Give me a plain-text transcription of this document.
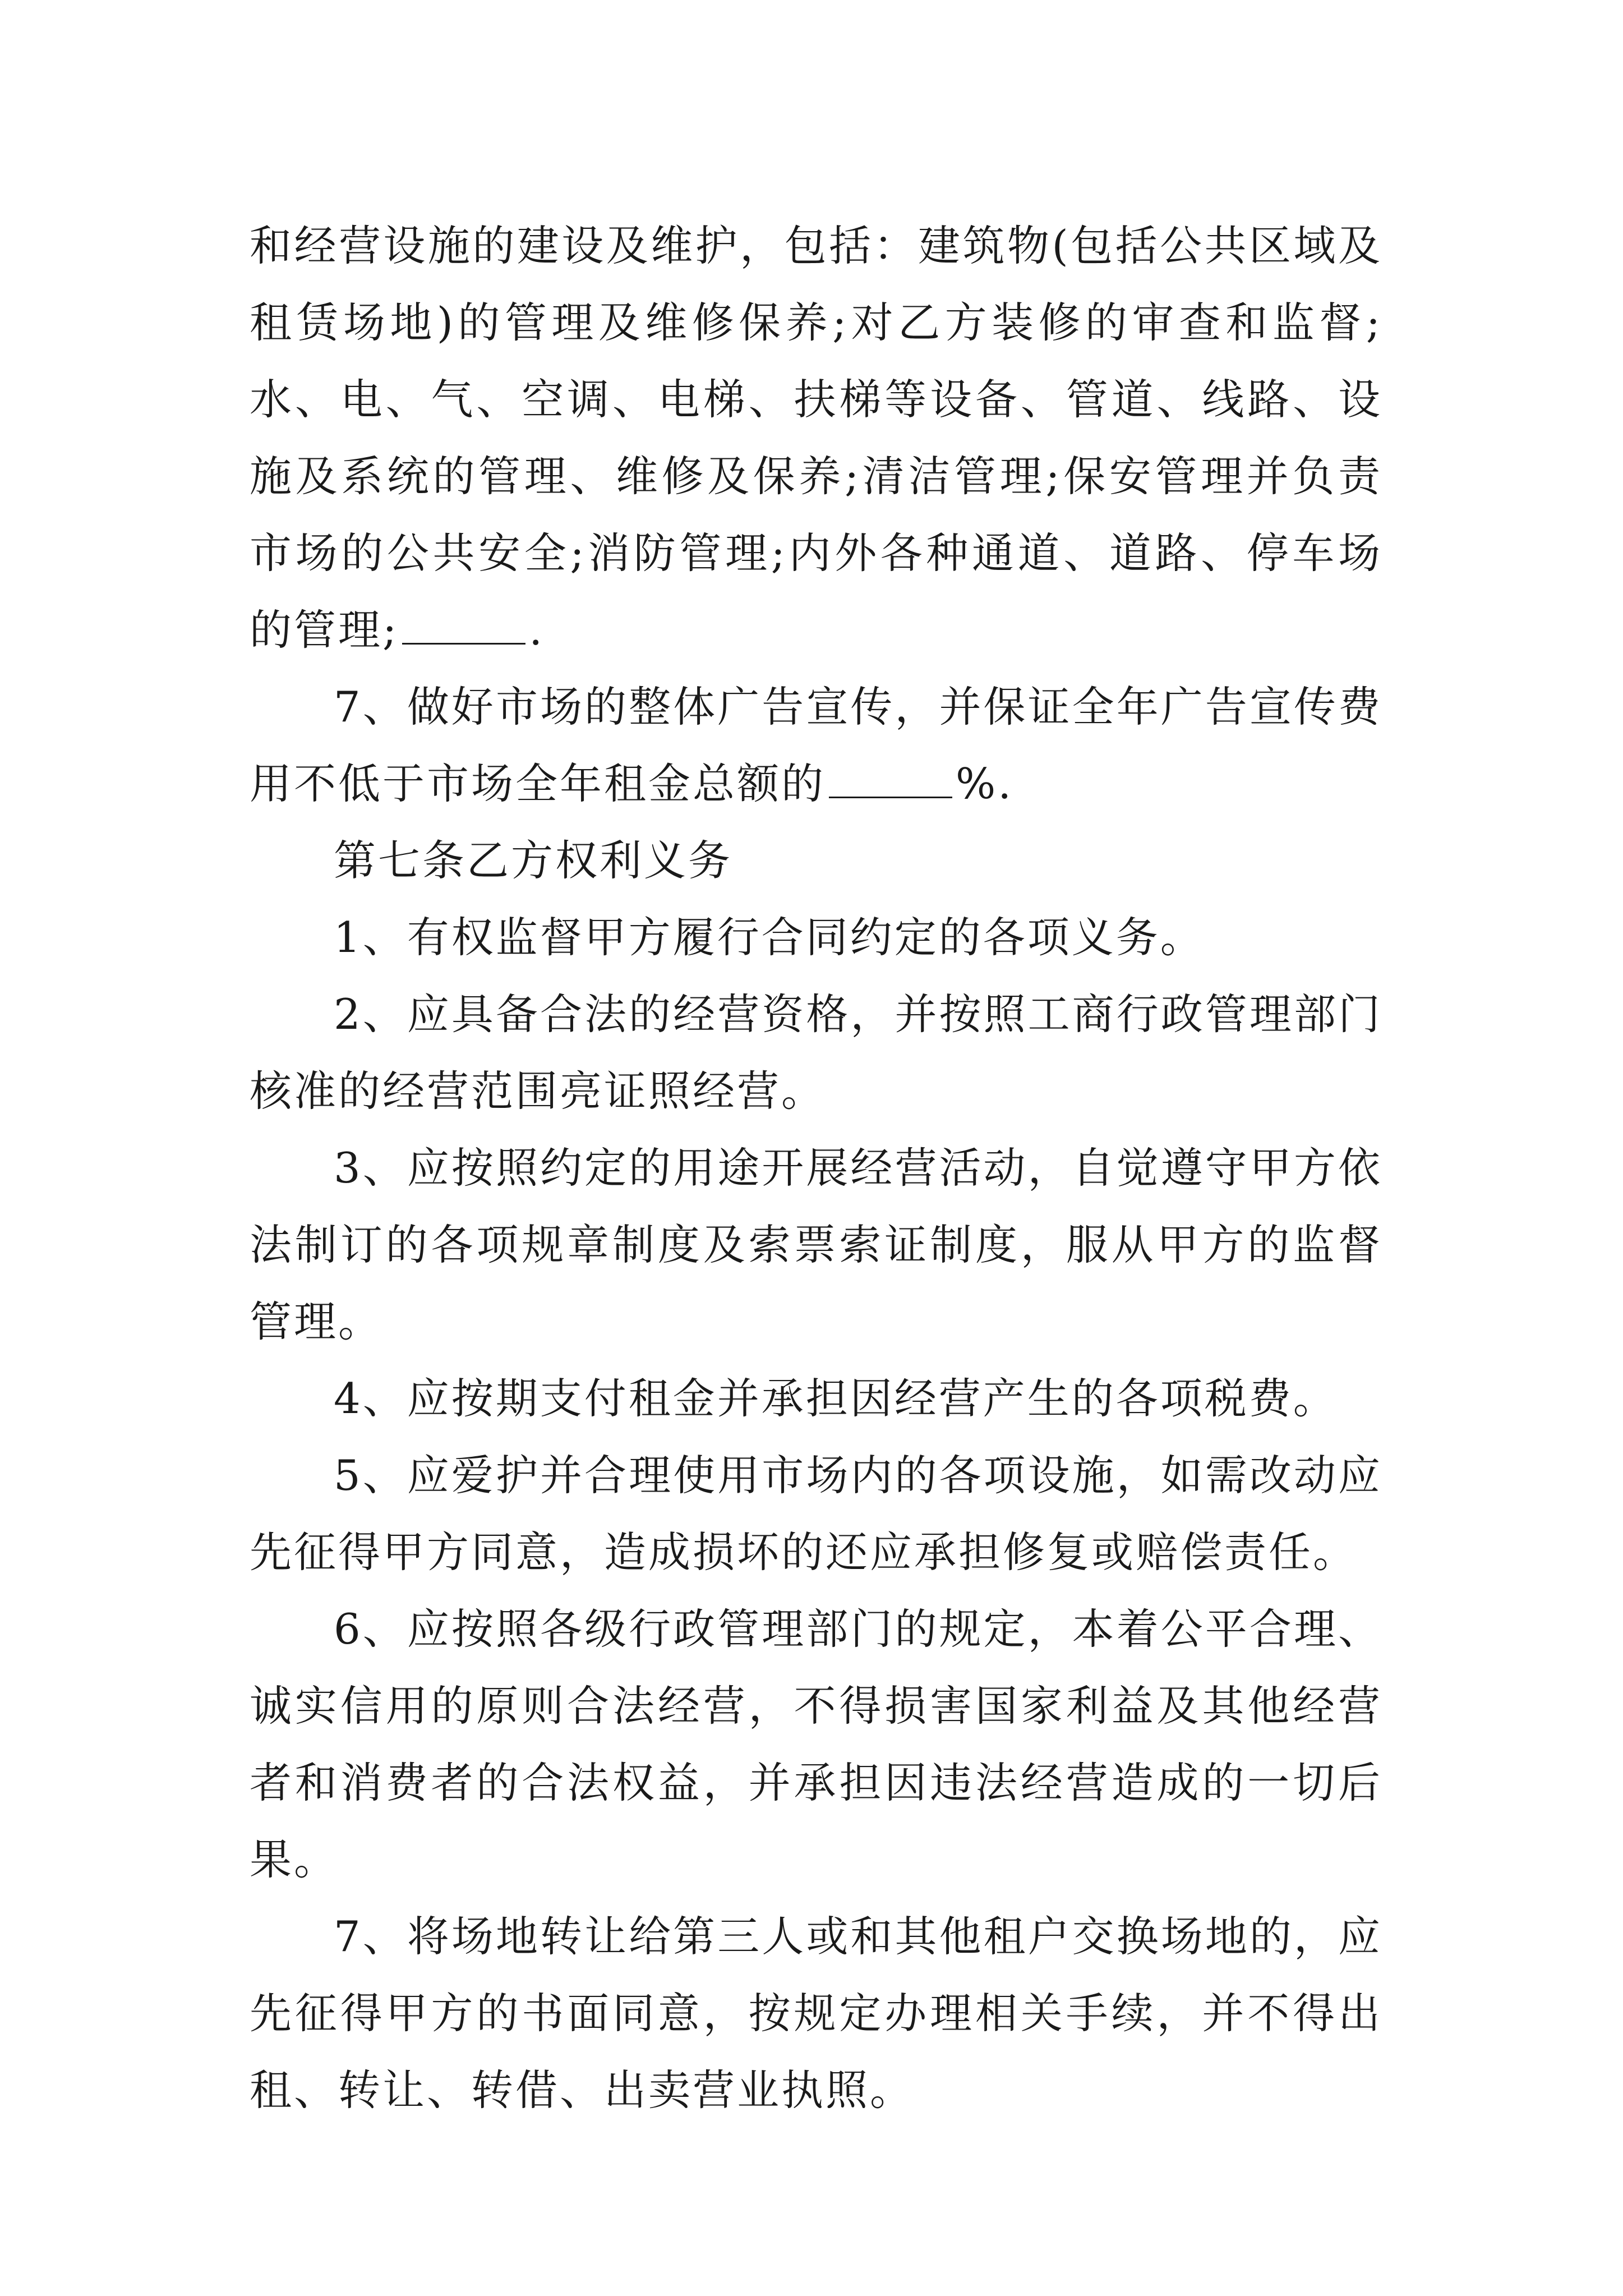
和经营设施的建设及维护，包括：建筑物(包括公共区域及租赁场地)的管理及维修保养;对乙方装修的审查和监督;水、电、气、空调、电梯、扶梯等设备、管道、线路、设施及系统的管理、维修及保养;清洁管理;保安管理并负责市场的公共安全;消防管理;内外各种通道、道路、停车场的管理;	.

7、做好市场的整体广告宣传，并保证全年广告宣传费用不低于市场全年租金总额的	%.

第七条乙方权利义务

1、有权监督甲方履行合同约定的各项义务。

2、应具备合法的经营资格，并按照工商行政管理部门核准的经营范围亮证照经营。

3、应按照约定的用途开展经营活动，自觉遵守甲方依法制订的各项规章制度及索票索证制度，服从甲方的监督管理。

4、应按期支付租金并承担因经营产生的各项税费。

5、应爱护并合理使用市场内的各项设施，如需改动应先征得甲方同意，造成损坏的还应承担修复或赔偿责任。

6、应按照各级行政管理部门的规定，本着公平合理、诚实信用的原则合法经营，不得损害国家利益及其他经营者和消费者的合法权益，并承担因违法经营造成的一切后果。

7、将场地转让给第三人或和其他租户交换场地的，应先征得甲方的书面同意，按规定办理相关手续，并不得出租、转让、转借、出卖营业执照。
